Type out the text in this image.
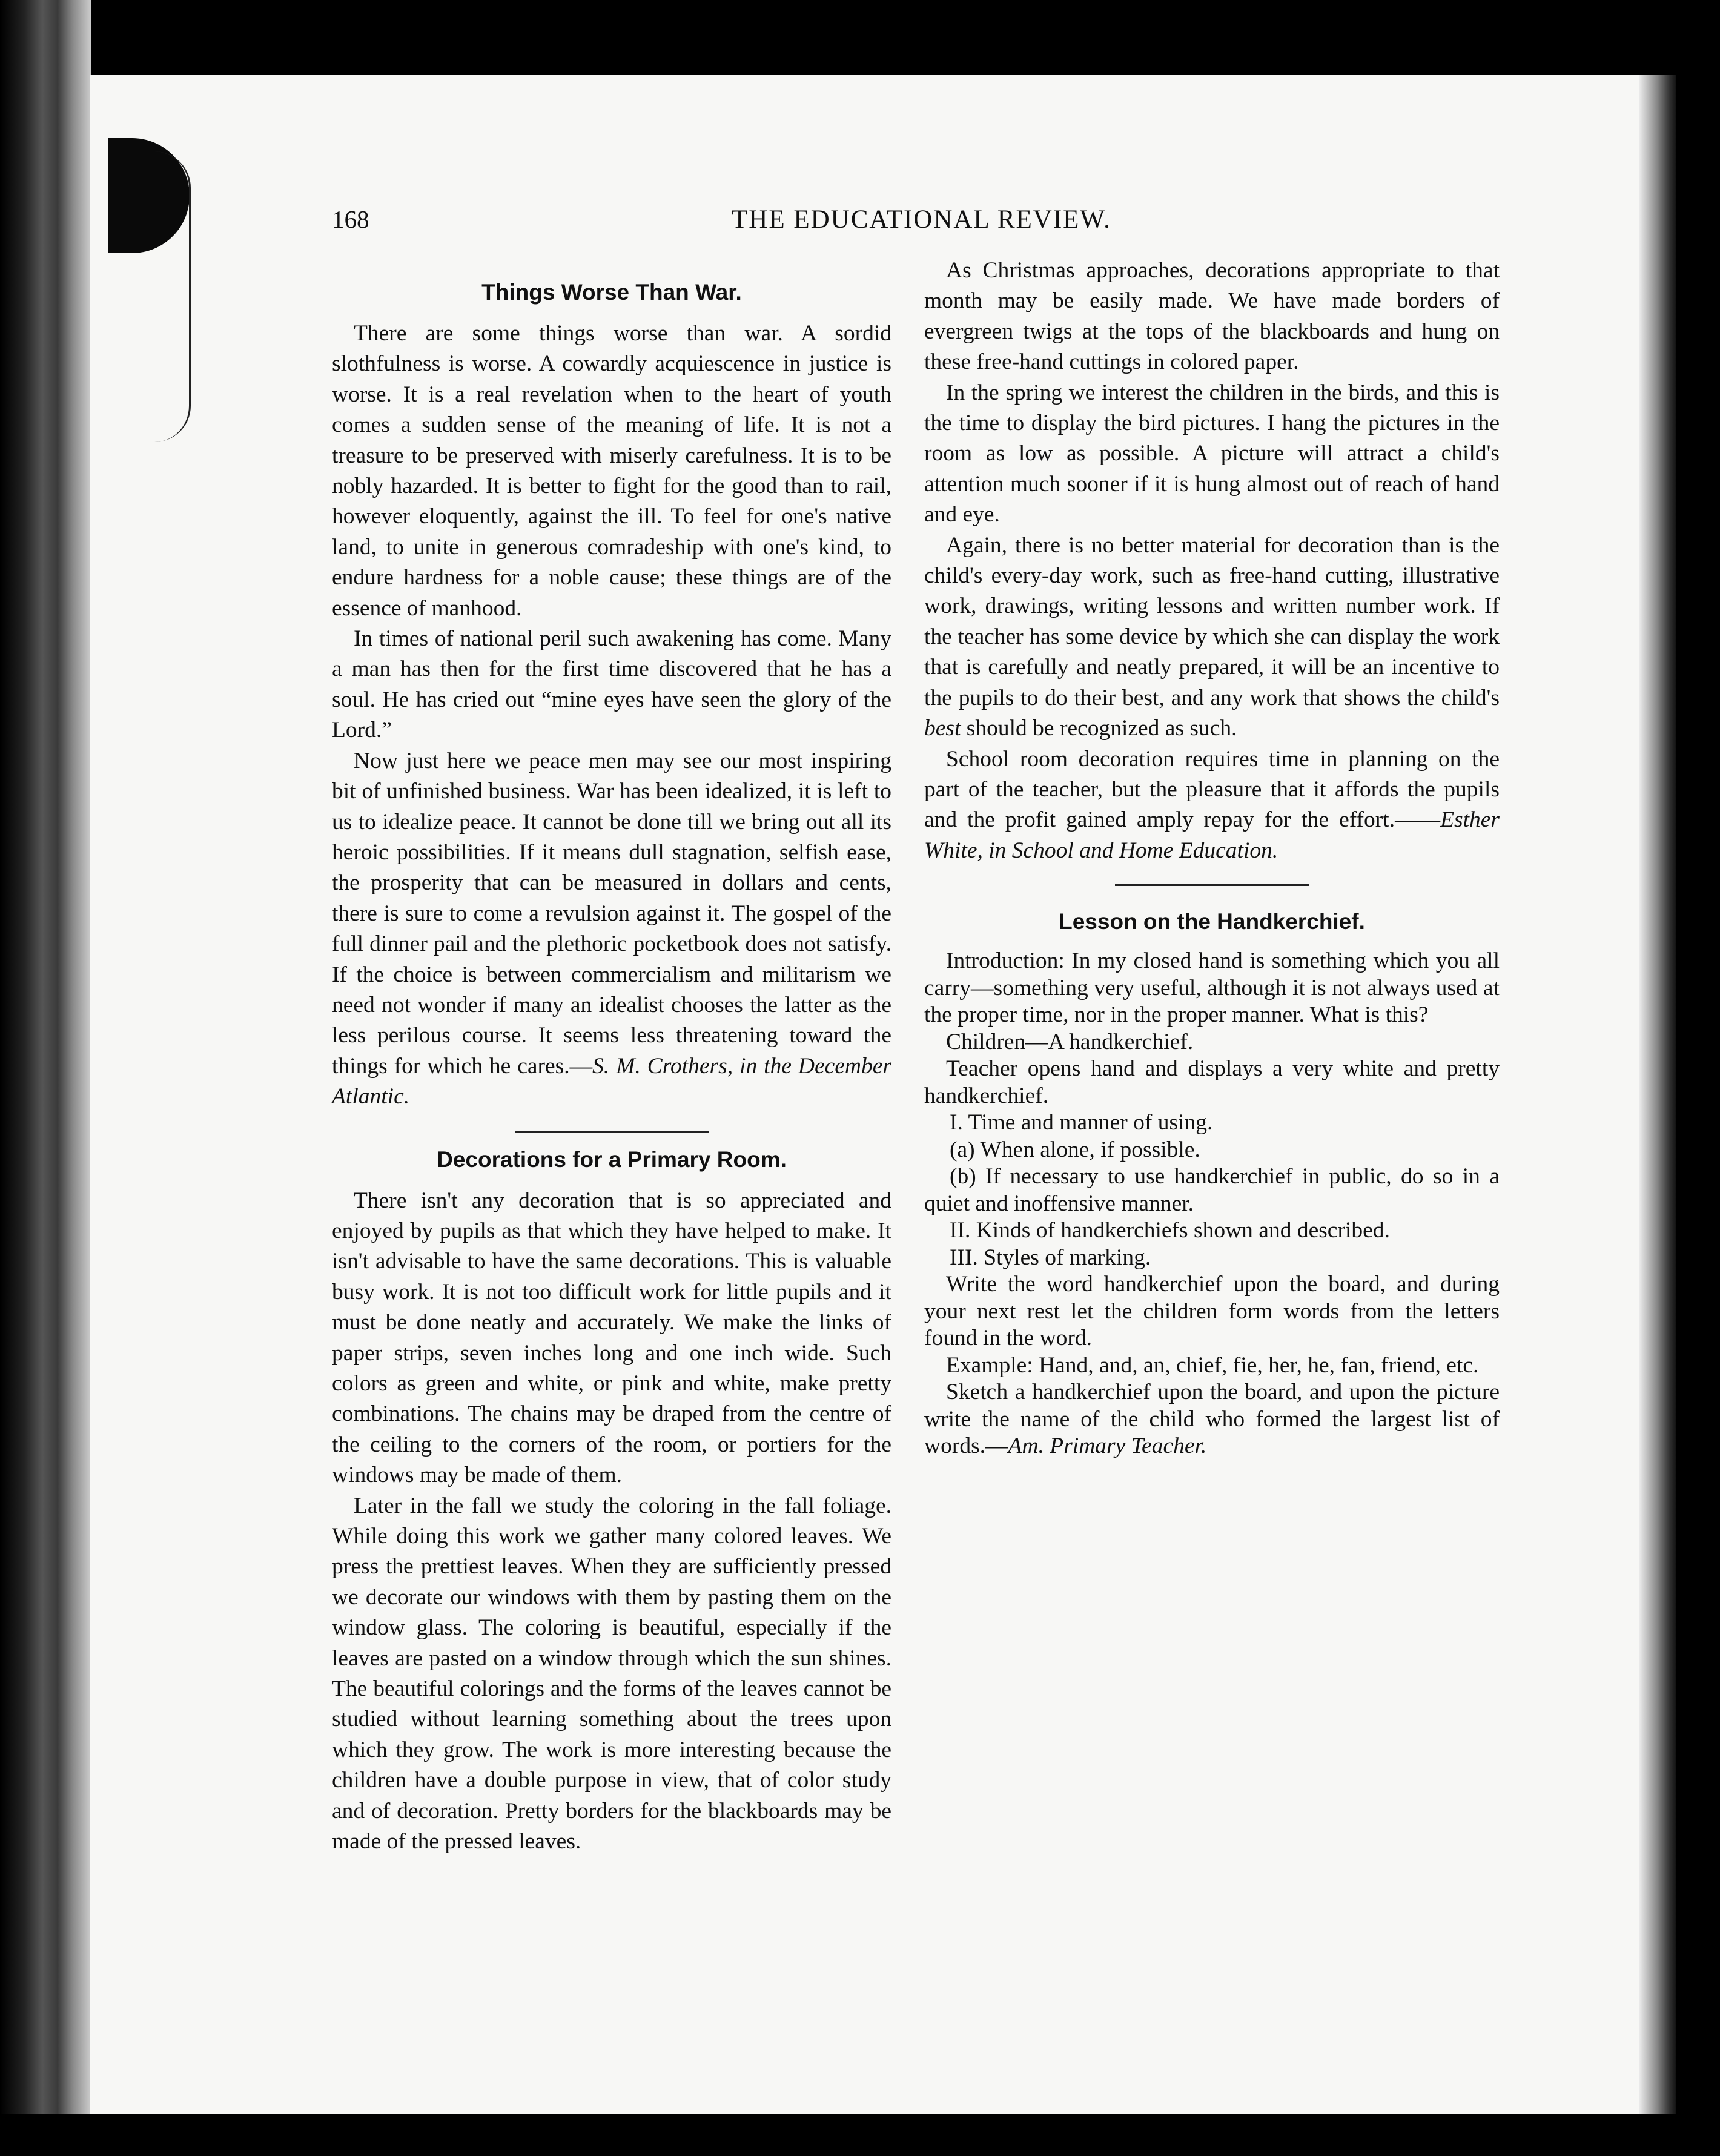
168	THE EDUCATIONAL REVIEW.
Things Worse Than War.

There are some things worse than war. A sordid slothfulness is worse. A cowardly acquiescence in justice is worse. It is a real revelation when to the heart of youth comes a sudden sense of the meaning of life. It is not a treasure to be preserved with miserly carefulness. It is to be nobly hazarded. It is better to fight for the good than to rail, however eloquently, against the ill. To feel for one's native land, to unite in generous comradeship with one's kind, to endure hardness for a noble cause; these things are of the essence of manhood.

In times of national peril such awakening has come. Many a man has then for the first time discovered that he has a soul. He has cried out “mine eyes have seen the glory of the Lord.”

Now just here we peace men may see our most inspiring bit of unfinished business. War has been idealized, it is left to us to idealize peace. It cannot be done till we bring out all its heroic possibilities. If it means dull stagnation, selfish ease, the prosperity that can be measured in dollars and cents, there is sure to come a revulsion against it. The gospel of the full dinner pail and the plethoric pocketbook does not satisfy. If the choice is between commercialism and militarism we need not wonder if many an idealist chooses the latter as the less perilous course. It seems less threatening toward the things for which he cares.—S. M. Crothers, in the December Atlantic.

Decorations for a Primary Room.

There isn't any decoration that is so appreciated and enjoyed by pupils as that which they have helped to make. It isn't advisable to have the same decorations. This is valuable busy work. It is not too difficult work for little pupils and it must be done neatly and accurately. We make the links of paper strips, seven inches long and one inch wide. Such colors as green and white, or pink and white, make pretty combinations. The chains may be draped from the centre of the ceiling to the corners of the room, or portiers for the windows may be made of them.

Later in the fall we study the coloring in the fall foliage. While doing this work we gather many colored leaves. We press the prettiest leaves. When they are sufficiently pressed we decorate our windows with them by pasting them on the window glass. The coloring is beautiful, especially if the leaves are pasted on a window through which the sun shines. The beautiful colorings and the forms of the leaves cannot be studied without learning something about the trees upon which they grow. The work is more interesting because the children have a double purpose in view, that of color study and of decoration. Pretty borders for the blackboards may be made of the pressed leaves.

As Christmas approaches, decorations appropriate to that month may be easily made. We have made borders of evergreen twigs at the tops of the blackboards and hung on these free-hand cuttings in colored paper.

In the spring we interest the children in the birds, and this is the time to display the bird pictures. I hang the pictures in the room as low as possible. A picture will attract a child's attention much sooner if it is hung almost out of reach of hand and eye.

Again, there is no better material for decoration than is the child's every-day work, such as free-hand cutting, illustrative work, drawings, writing lessons and written number work. If the teacher has some device by which she can display the work that is carefully and neatly prepared, it will be an incentive to the pupils to do their best, and any work that shows the child's best should be recognized as such.

School room decoration requires time in planning on the part of the teacher, but the pleasure that it affords the pupils and the profit gained amply repay for the effort.——Esther White, in School and Home Education.

Lesson on the Handkerchief.

Introduction: In my closed hand is something which you all carry—something very useful, although it is not always used at the proper time, nor in the proper manner. What is this?

Children—A handkerchief.

Teacher opens hand and displays a very white and pretty handkerchief.

I. Time and manner of using.

(a) When alone, if possible.

(b) If necessary to use handkerchief in public, do so in a quiet and inoffensive manner.

II. Kinds of handkerchiefs shown and described.

III. Styles of marking.

Write the word handkerchief upon the board, and during your next rest let the children form words from the letters found in the word.

Example: Hand, and, an, chief, fie, her, he, fan, friend, etc.

Sketch a handkerchief upon the board, and upon the picture write the name of the child who formed the largest list of words.—Am. Primary Teacher.
